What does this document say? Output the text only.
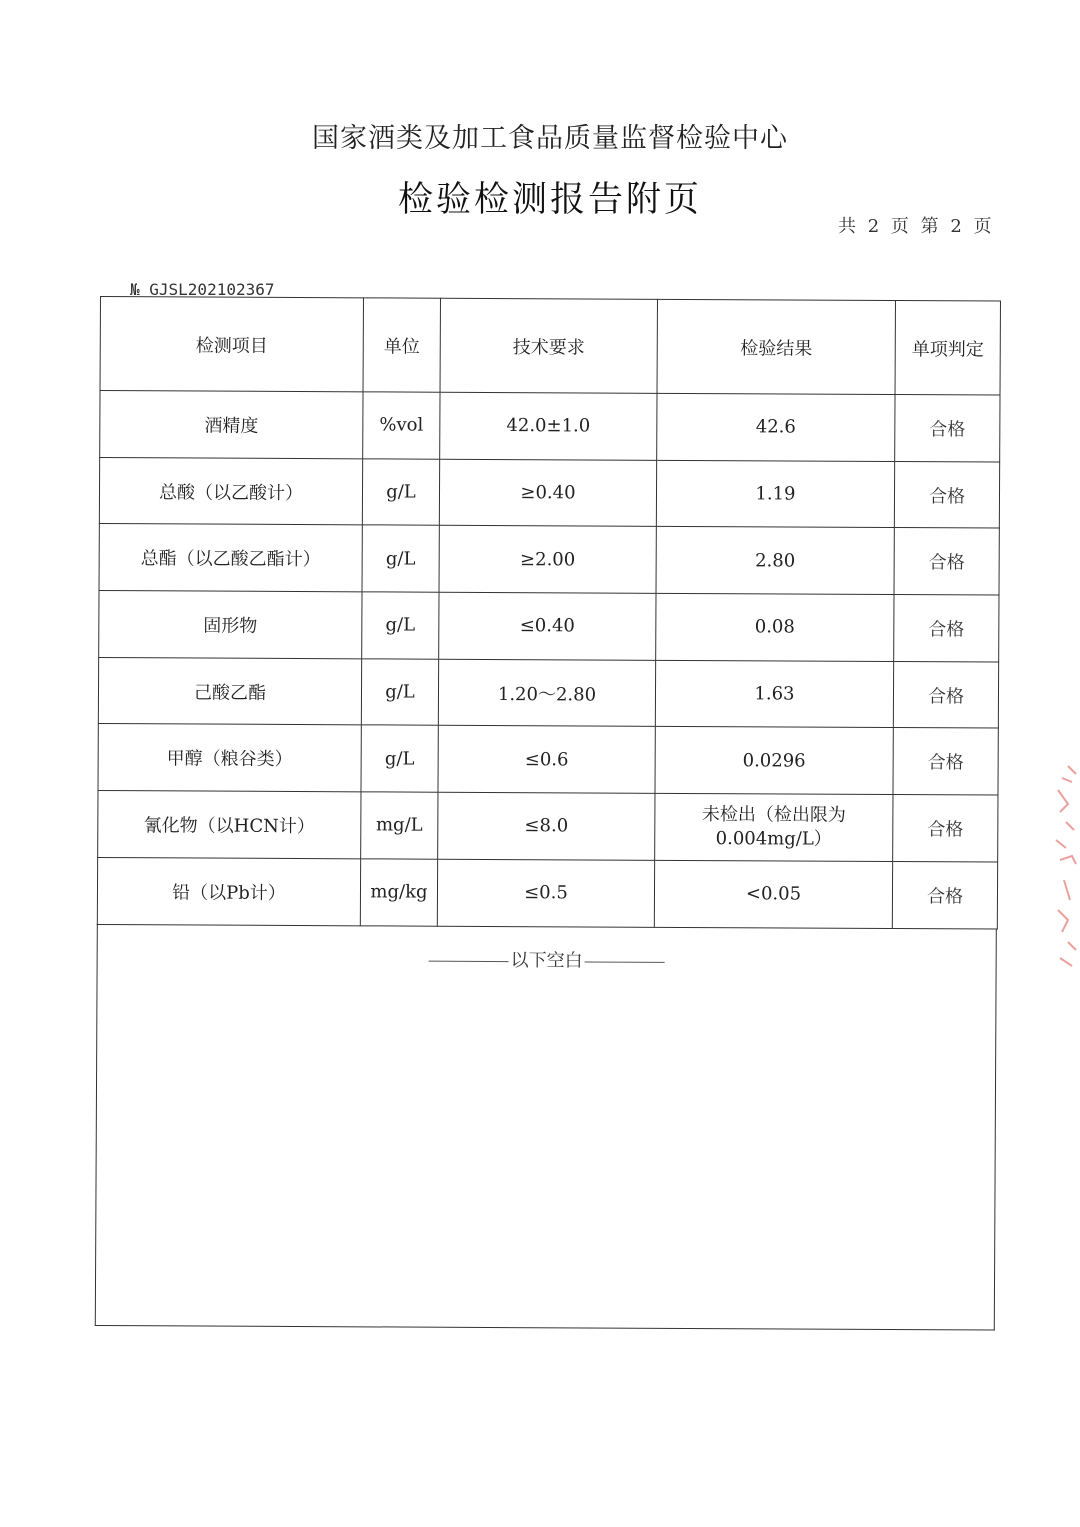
国家酒类及加工食品质量监督检验中心
检验检测报告附页
共 2 页 第 2 页
№ GJSL202102367
检测项目	单位	技术要求	检验结果	单项判定
酒精度	%vol	42.0±1.0	42.6	合格
总酸（以乙酸计）	g/L	≥0.40	1.19	合格
总酯（以乙酸乙酯计）	g/L	≥2.00	2.80	合格
固形物	g/L	≤0.40	0.08	合格
己酸乙酯	g/L	1.20～2.80	1.63	合格
甲醇（粮谷类）	g/L	≤0.6	0.0296	合格
氰化物（以HCN计）	mg/L	≤8.0	未检出（检出限为 0.004mg/L）	合格
铅（以Pb计）	mg/kg	≤0.5	<0.05	合格
以下空白
